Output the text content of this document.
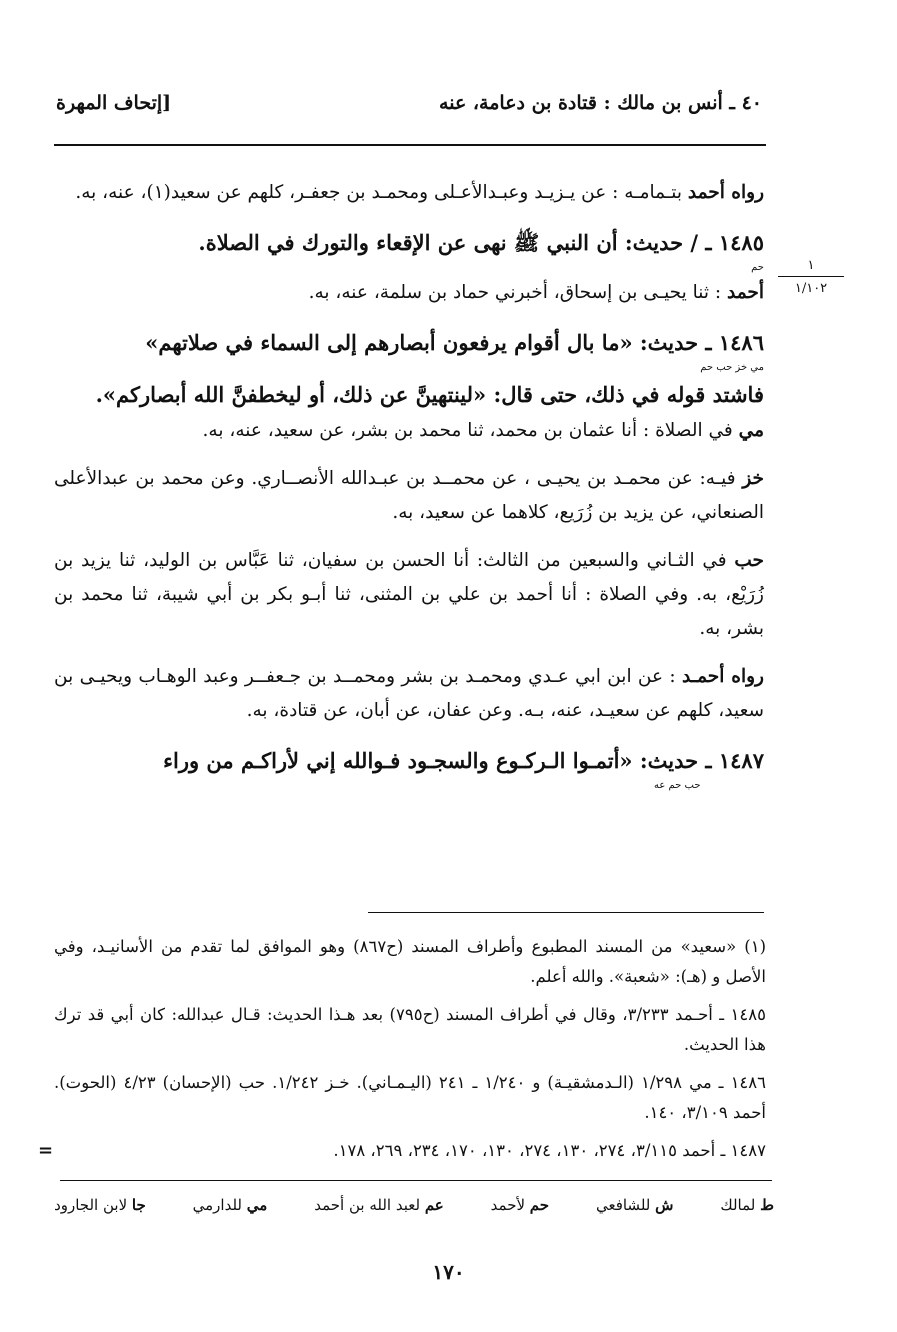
٤٠ ـ أنس بن مالك : قتادة بن دعامة، عنه
[إتحاف المهرة
١
١/١٠٢

رواه أحمد بتـمامـه : عن يـزيـد وعبـدالأعـلى ومحمـد بن جعفـر، كلهم عن سعيد(١)، عنه، به.

١٤٨٥ ـ / حديث: أن النبي ﷺ نهى عن الإقعاء والتورك في الصلاة.

حم

أحمد : ثنا يحيـى بن إسحاق، أخبرني حماد بن سلمة، عنه، به.

١٤٨٦ ـ حديث: «ما بال أقوام يرفعون أبصارهم إلى السماء في صلاتهم»

مي خز حب حم

فاشتد قوله في ذلك، حتى قال: «لينتهينَّ عن ذلك، أو ليخطفنَّ الله أبصاركم».

مي في الصلاة : أنا عثمان بن محمد، ثنا محمد بن بشر، عن سعيد، عنه، به.

خز فيـه: عن محمـد بن يحيـى ، عن محمــد بن عبـدالله الأنصــاري. وعن محمد بن عبدالأعلى الصنعاني، عن يزيد بن زُرَيع، كلاهما عن سعيد، به.

حب في الثـاني والسبعين من الثالث: أنا الحسن بن سفيان، ثنا عَبَّاس بن الوليد، ثنا يزيد بن زُرَيْع، به. وفي الصلاة : أنا أحمد بن علي بن المثنى، ثنا أبـو بكر بن أبي شيبة، ثنا محمد بن بشر، به.

رواه أحمـد : عن ابن ابي عـدي ومحمـد بن بشر ومحمــد بن جـعفــر وعبد الوهـاب ويحيـى بن سعيد، كلهم عن سعيـد، عنه، بـه. وعن عفان، عن أبان، عن قتادة، به.

١٤٨٧ ـ حديث: «أتمـوا الـركـوع والسجـود فـوالله إني لأراكـم من وراء

حب حم عه

(١) «سعيد» من المسند المطبوع وأطراف المسند (ح٨٦٧) وهو الموافق لما تقدم من الأسانيـد، وفي الأصل و (هـ): «شعبة». والله أعلم.

١٤٨٥ ـ أحـمد ٣/٢٣٣، وقال في أطراف المسند (ح٧٩٥) بعد هـذا الحديث: قـال عبدالله: كان أبي قد ترك هذا الحديث.

١٤٨٦ ـ مي ١/٢٩٨ (الـدمشقيـة) و ١/٢٤٠ ـ ٢٤١ (اليـمـاني). خـز ١/٢٤٢. حب (الإحسان) ٤/٢٣ (الحوت). أحمد ٣/١٠٩، ١٤٠.

١٤٨٧ ـ أحمد ٣/١١٥، ٢٧٤، ١٣٠، ٢٧٤، ١٣٠، ١٧٠، ٢٣٤، ٢٦٩، ١٧٨.

=
ط لمالك
ش للشافعي
حم لأحمد
عم لعبد الله بن أحمد
مي للدارمي
جا لابن الجارود
١٧٠
